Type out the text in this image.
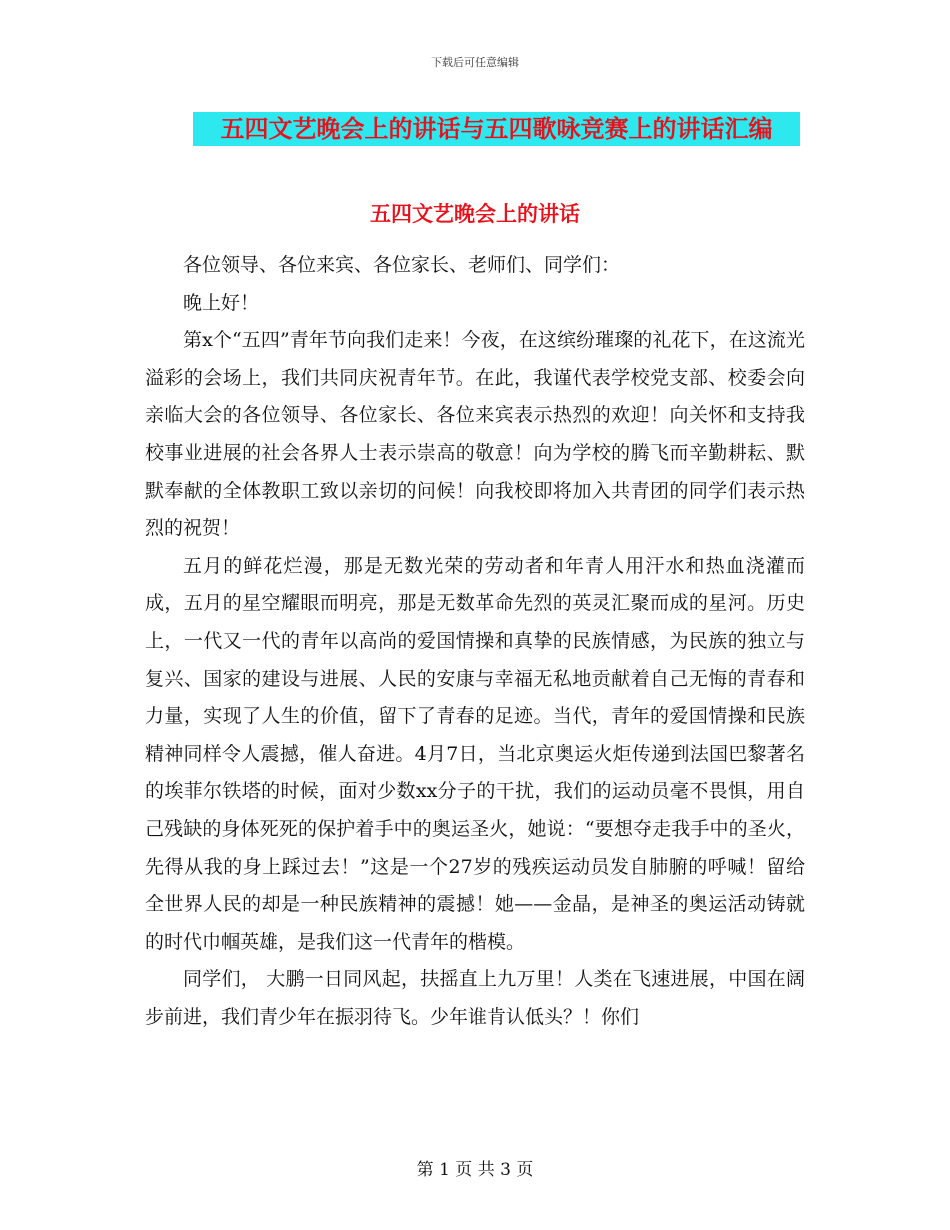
下载后可任意编辑
五四文艺晚会上的讲话与五四歌咏竞赛上的讲话汇编
五四文艺晚会上的讲话

各位领导、各位来宾、各位家长、老师们、同学们：

晚上好！

第x个“五四”青年节向我们走来！今夜，在这缤纷璀璨的礼花下，在这流光溢彩的会场上，我们共同庆祝青年节。在此，我谨代表学校党支部、校委会向亲临大会的各位领导、各位家长、各位来宾表示热烈的欢迎！向关怀和支持我校事业进展的社会各界人士表示崇高的敬意！向为学校的腾飞而辛勤耕耘、默默奉献的全体教职工致以亲切的问候！向我校即将加入共青团的同学们表示热烈的祝贺！

五月的鲜花烂漫，那是无数光荣的劳动者和年青人用汗水和热血浇灌而成，五月的星空耀眼而明亮，那是无数革命先烈的英灵汇聚而成的星河。历史上，一代又一代的青年以高尚的爱国情操和真挚的民族情感，为民族的独立与复兴、国家的建设与进展、人民的安康与幸福无私地贡献着自己无悔的青春和力量，实现了人生的价值，留下了青春的足迹。当代，青年的爱国情操和民族精神同样令人震撼，催人奋进。4月7日，当北京奥运火炬传递到法国巴黎著名的埃菲尔铁塔的时候，面对少数xx分子的干扰，我们的运动员毫不畏惧，用自己残缺的身体死死的保护着手中的奥运圣火，她说：“要想夺走我手中的圣火，先得从我的身上踩过去！”这是一个27岁的残疾运动员发自肺腑的呼喊！留给全世界人民的却是一种民族精神的震撼！她——金晶，是神圣的奥运活动铸就的时代巾帼英雄，是我们这一代青年的楷模。

同学们， 大鹏一日同风起，扶摇直上九万里！人类在飞速进展，中国在阔步前进，我们青少年在振羽待飞。少年谁肯认低头？！你们

第 1 页 共 3 页
